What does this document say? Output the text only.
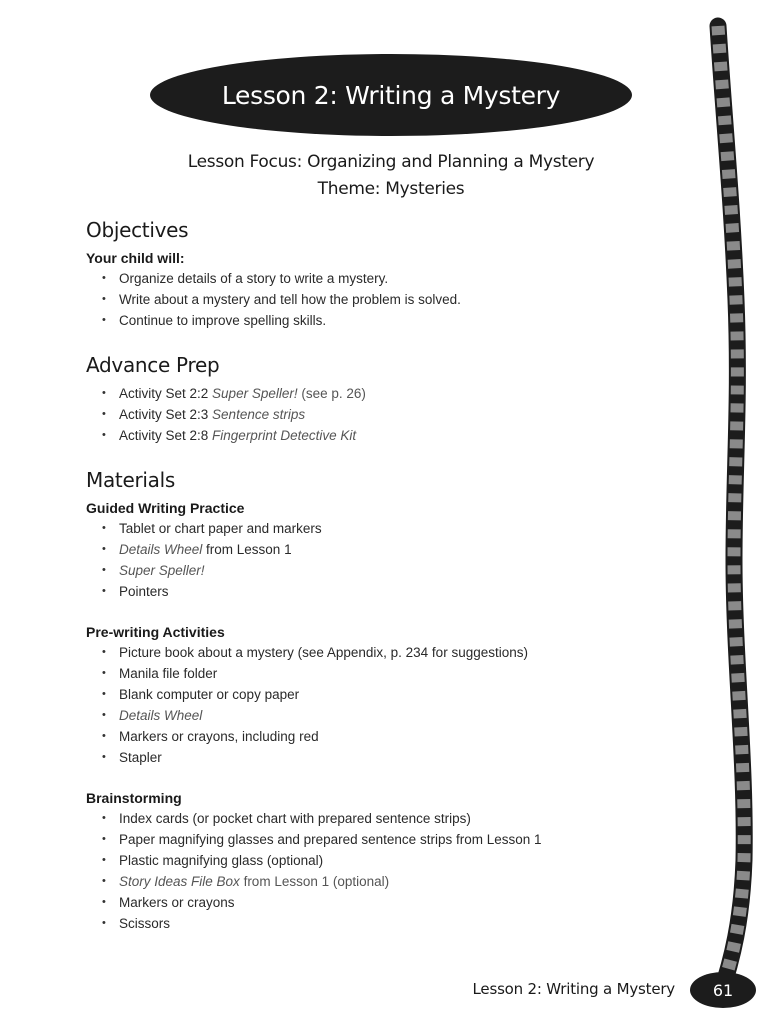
Lesson 2: Writing a Mystery
Lesson Focus: Organizing and Planning a Mystery
Theme: Mysteries
Objectives
Your child will:
• Organize details of a story to write a mystery.
• Write about a mystery and tell how the problem is solved.
• Continue to improve spelling skills.
Advance Prep
• Activity Set 2:2 Super Speller! (see p. 26)
• Activity Set 2:3 Sentence strips
• Activity Set 2:8 Fingerprint Detective Kit
Materials
Guided Writing Practice
• Tablet or chart paper and markers
• Details Wheel from Lesson 1
• Super Speller!
• Pointers
Pre-writing Activities
• Picture book about a mystery (see Appendix, p. 234 for suggestions)
• Manila file folder
• Blank computer or copy paper
• Details Wheel
• Markers or crayons, including red
• Stapler
Brainstorming
• Index cards (or pocket chart with prepared sentence strips)
• Paper magnifying glasses and prepared sentence strips from Lesson 1
• Plastic magnifying glass (optional)
• Story Ideas File Box from Lesson 1 (optional)
• Markers or crayons
• Scissors
Lesson 2: Writing a Mystery 61
